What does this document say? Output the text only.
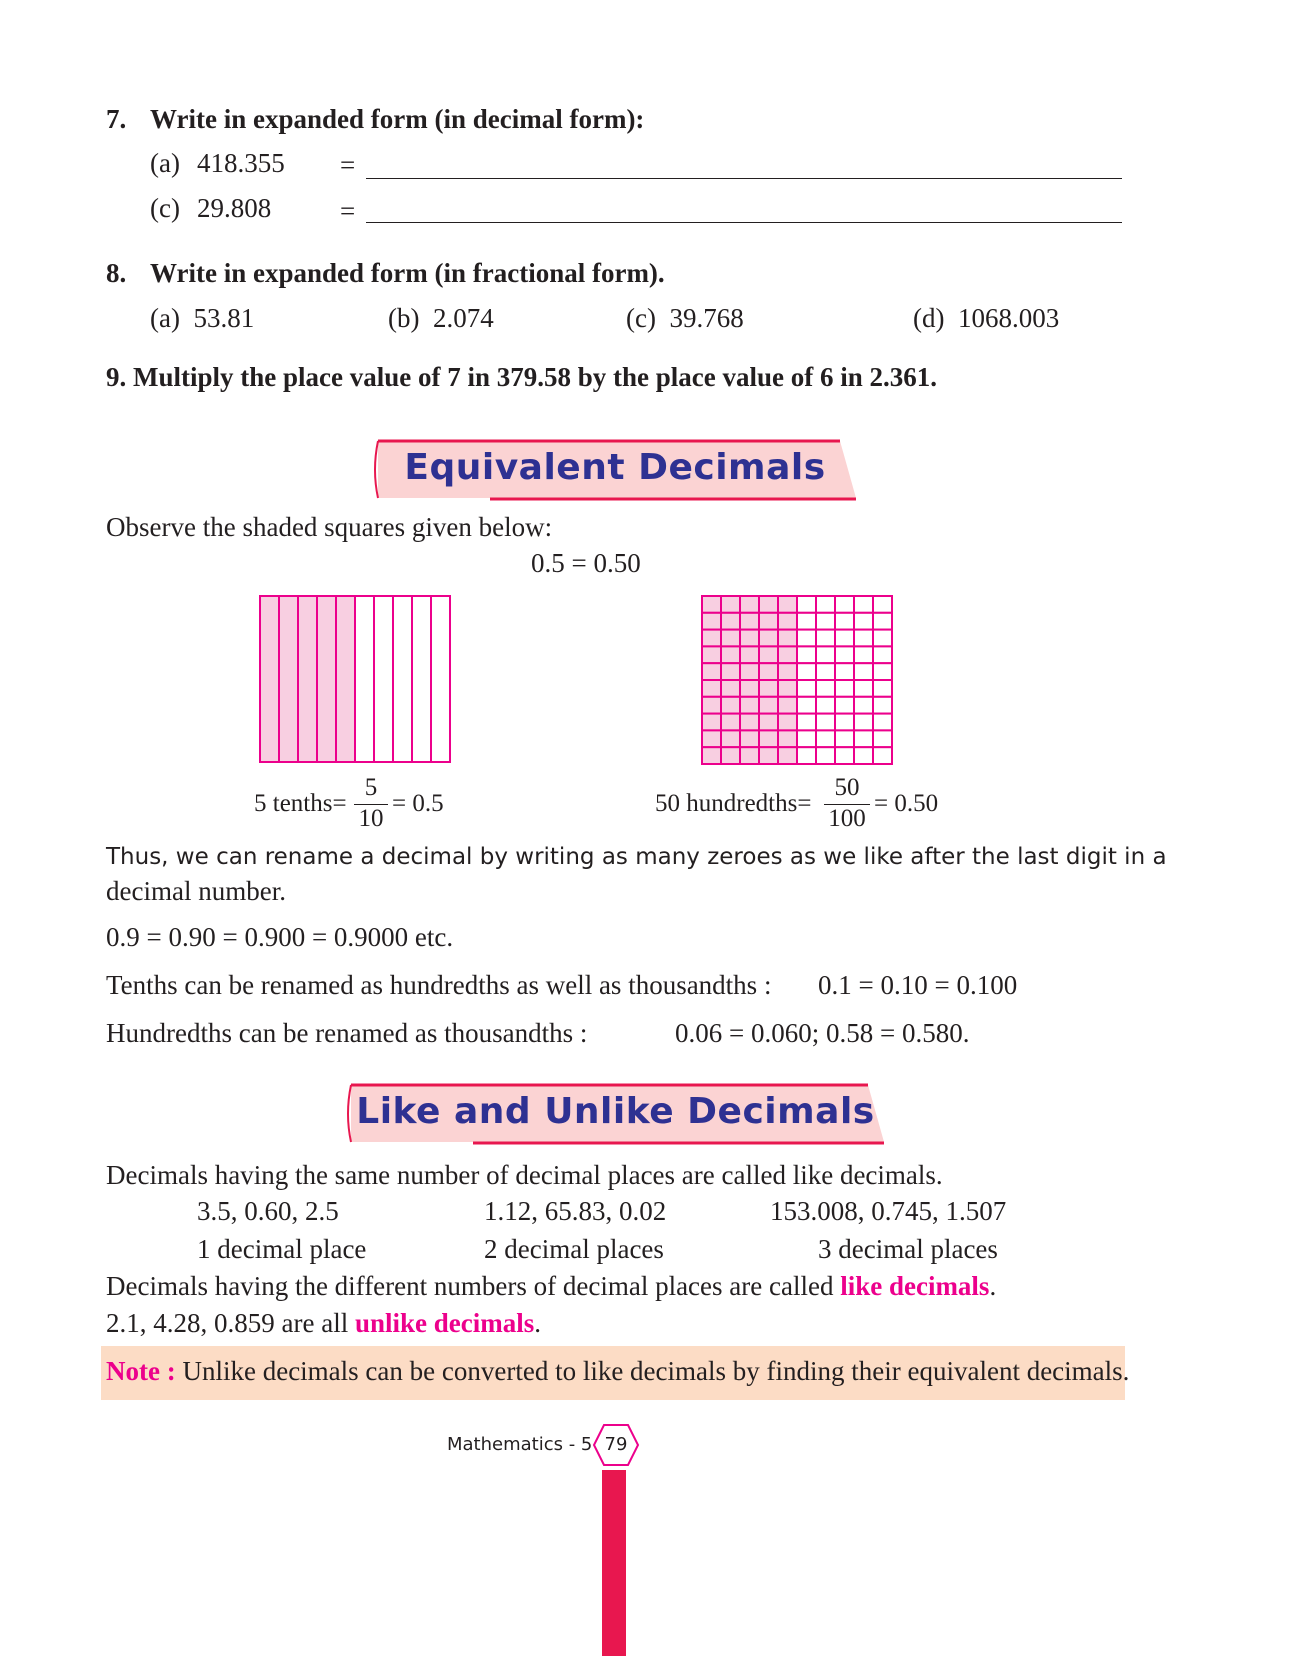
7. Write in expanded form (in decimal form):
(a) 418.355 =
(c) 29.808	=
8. Write in expanded form (in fractional form).
(a) 53.81	(b) 2.074	(c) 39.768	(d) 1068.003
9. Multiply the place value of 7 in 379.58 by the place value of 6 in 2.361.
Equivalent Decimals
Observe the shaded squares given below:
0.5 = 0.50
5 tenths=
5
10
= 0.5	50 hundredths=
50
100
= 0.50
Thus, we can rename a decimal by writing as many zeroes as we like after the last digit in a
decimal number.
0.9 = 0.90 = 0.900 = 0.9000 etc.
Tenths can be renamed as hundredths as well as thousandths : 0.1 = 0.10 = 0.100
Hundredths can be renamed as thousandths :	0.06 = 0.060; 0.58 = 0.580.
Like and Unlike Decimals
Decimals having the same number of decimal places are called like decimals.
3.5, 0.60, 2.5	1.12, 65.83, 0.02	153.008, 0.745, 1.507
1 decimal place	2 decimal places	3 decimal places
Decimals having the different numbers of decimal places are called like decimals.
2.1, 4.28, 0.859 are all unlike decimals.
Note : Unlike decimals can be converted to like decimals by finding their equivalent decimals.
Mathematics - 5 79
